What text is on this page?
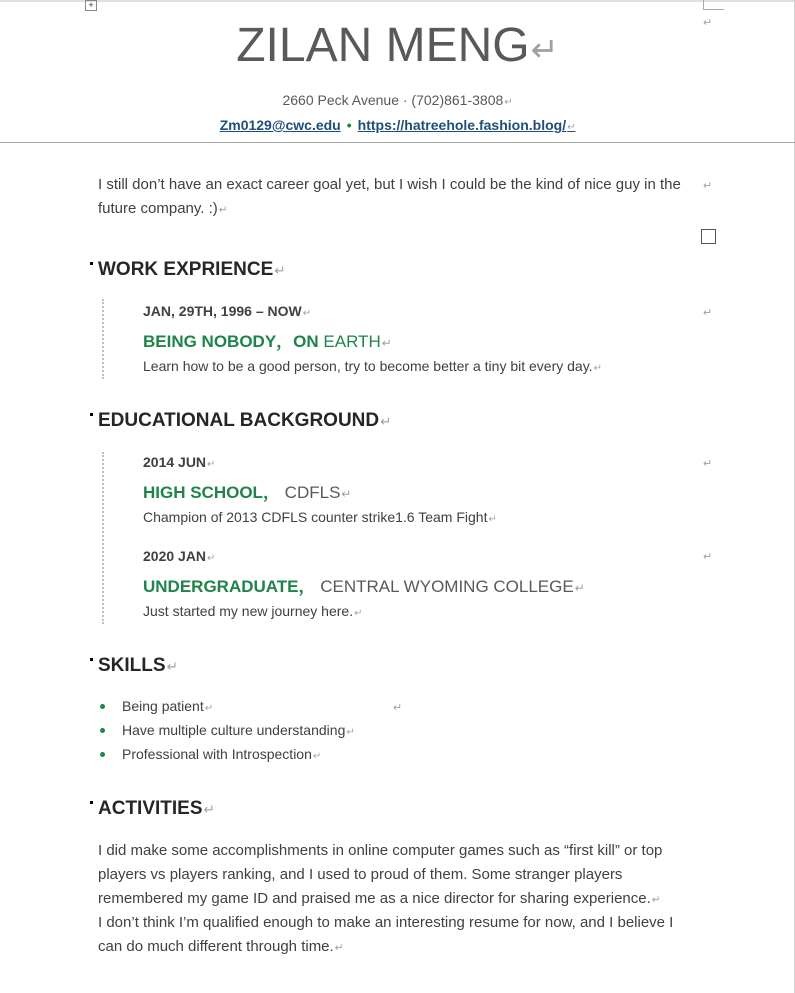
+
↵
ZILAN MENG ↵
2660 Peck Avenue · (702)861-3808 ↵
Zm0129@cwc.edu • https://hatreehole.fashion.blog/ ↵
I still don’t have an exact career goal yet, but I wish I could be the kind of nice guy in the future company. :) ↵
↵
WORK EXPRIENCE ↵
JAN, 29TH, 1996 – NOW ↵	↵
BEING NOBODY，ON EARTH ↵
Learn how to be a good person, try to become better a tiny bit every day. ↵
EDUCATIONAL BACKGROUND ↵
2014 JUN ↵	↵
HIGH SCHOOL， CDFLS ↵
Champion of 2013 CDFLS counter strike1.6 Team Fight ↵
2020 JAN ↵	↵
UNDERGRADUATE， CENTRAL WYOMING COLLEGE ↵
Just started my new journey here. ↵
SKILLS ↵
Being patient ↵	↵
Have multiple culture understanding ↵
Professional with Introspection ↵
ACTIVITIES ↵
I did make some accomplishments in online computer games such as “first kill” or top players vs players ranking, and I used to proud of them. Some stranger players remembered my game ID and praised me as a nice director for sharing experience. ↵
I don’t think I’m qualified enough to make an interesting resume for now, and I believe I can do much different through time. ↵
